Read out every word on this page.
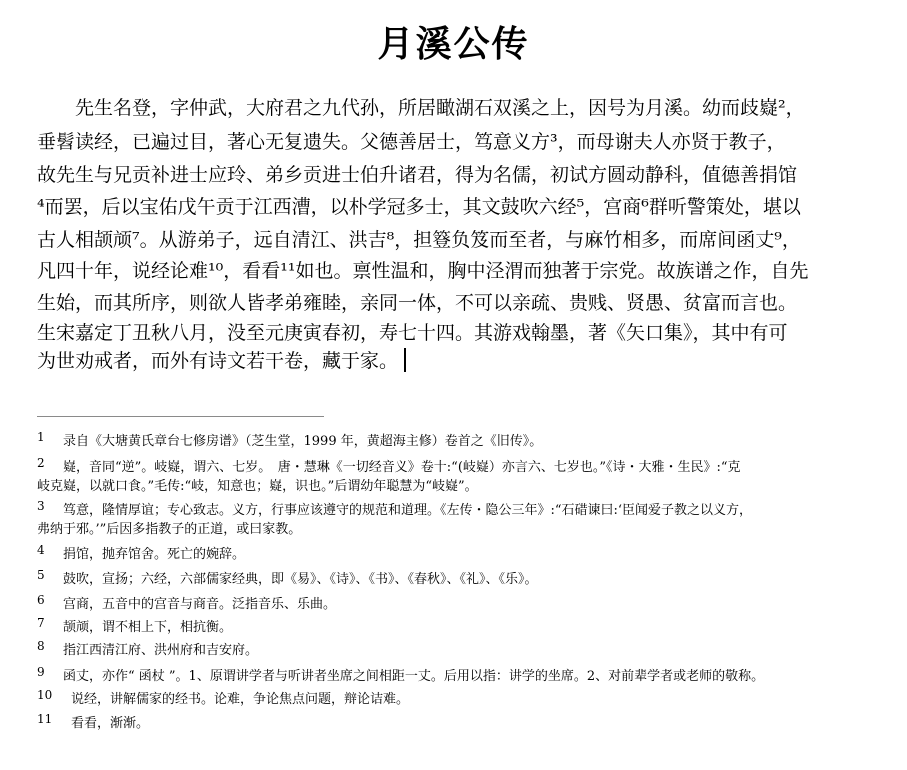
月溪公传
　　先生名登，字仲武，大府君之九代孙，所居瞰湖石双溪之上，因号为月溪。幼而歧嶷²，
垂髫读经，已遍过目，著心无复遗失。父德善居士，笃意义方³，而母谢夫人亦贤于教子，
故先生与兄贡补进士应玲、弟乡贡进士伯升诸君，得为名儒，初试方圆动静科，值德善捐馆
⁴而罢，后以宝佑戊午贡于江西漕，以朴学冠多士，其文鼓吹六经⁵，宫商⁶群听警策处，堪以
古人相颉颃⁷。从游弟子，远自清江、洪吉⁸，担簦负笈而至者，与麻竹相多，而席间函丈⁹，
凡四十年，说经论难¹⁰，看看¹¹如也。禀性温和，胸中泾渭而独著于宗党。故族谱之作，自先
生始，而其所序，则欲人皆孝弟雍睦，亲同一体，不可以亲疏、贵贱、贤愚、贫富而言也。
生宋嘉定丁丑秋八月，没至元庚寅春初，寿七十四。其游戏翰墨，著《矢口集》，其中有可
为世劝戒者，而外有诗文若干卷，藏于家。
1 录自《大塘黄氏章台七修房谱》（芝生堂，1999 年，黄超海主修）卷首之《旧传》。
2 嶷，音同“逆”。岐嶷，谓六、七岁。　唐・慧琳《一切经音义》卷十:“(岐嶷）亦言六、七岁也。”《诗・大雅・生民》:“克
岐克嶷，以就口食。”毛传:“岐，知意也；嶷，识也。”后谓幼年聪慧为“岐嶷”。
3 笃意，隆情厚谊；专心致志。义方，行事应该遵守的规范和道理。《左传・隐公三年》:“石碏谏曰:‘臣闻爱子教之以义方，
弗纳于邪。’”后因多指教子的正道，或曰家教。
4 捐馆，抛弃馆舍。死亡的婉辞。
5 鼓吹，宣扬；六经，六部儒家经典，即《易》、《诗》、《书》、《春秋》、《礼》、《乐》。
6 宫商，五音中的宫音与商音。泛指音乐、乐曲。
7 颉颃，谓不相上下，相抗衡。
8 指江西清江府、洪州府和吉安府。
9 函丈，亦作“ 函杖 ”。1、原谓讲学者与听讲者坐席之间相距一丈。后用以指：讲学的坐席。2、对前辈学者或老师的敬称。
10 说经，讲解儒家的经书。论难，争论焦点问题，辩论诘难。
11 看看，渐渐。
